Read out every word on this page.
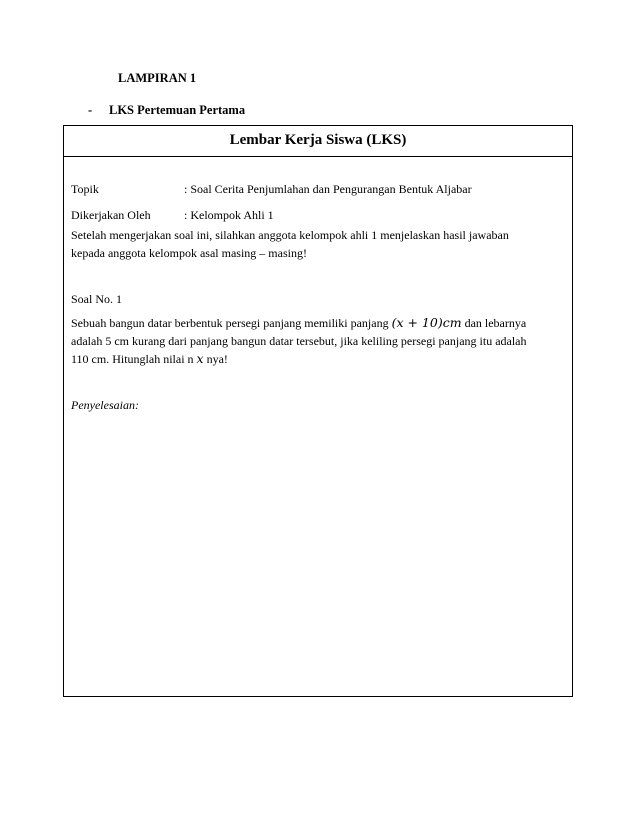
LAMPIRAN 1
- LKS Pertemuan Pertama
Lembar Kerja Siswa (LKS)
Topik	: Soal Cerita Penjumlahan dan Pengurangan Bentuk Aljabar
Dikerjakan Oleh	: Kelompok Ahli 1
Setelah mengerjakan soal ini, silahkan anggota kelompok ahli 1 menjelaskan hasil jawaban
kepada anggota kelompok asal masing – masing!
Soal No. 1
Sebuah bangun datar berbentuk persegi panjang memiliki panjang (x + 10)cm dan lebarnya
adalah 5 cm kurang dari panjang bangun datar tersebut, jika keliling persegi panjang itu adalah
110 cm. Hitunglah nilai n x nya!
Penyelesaian:
